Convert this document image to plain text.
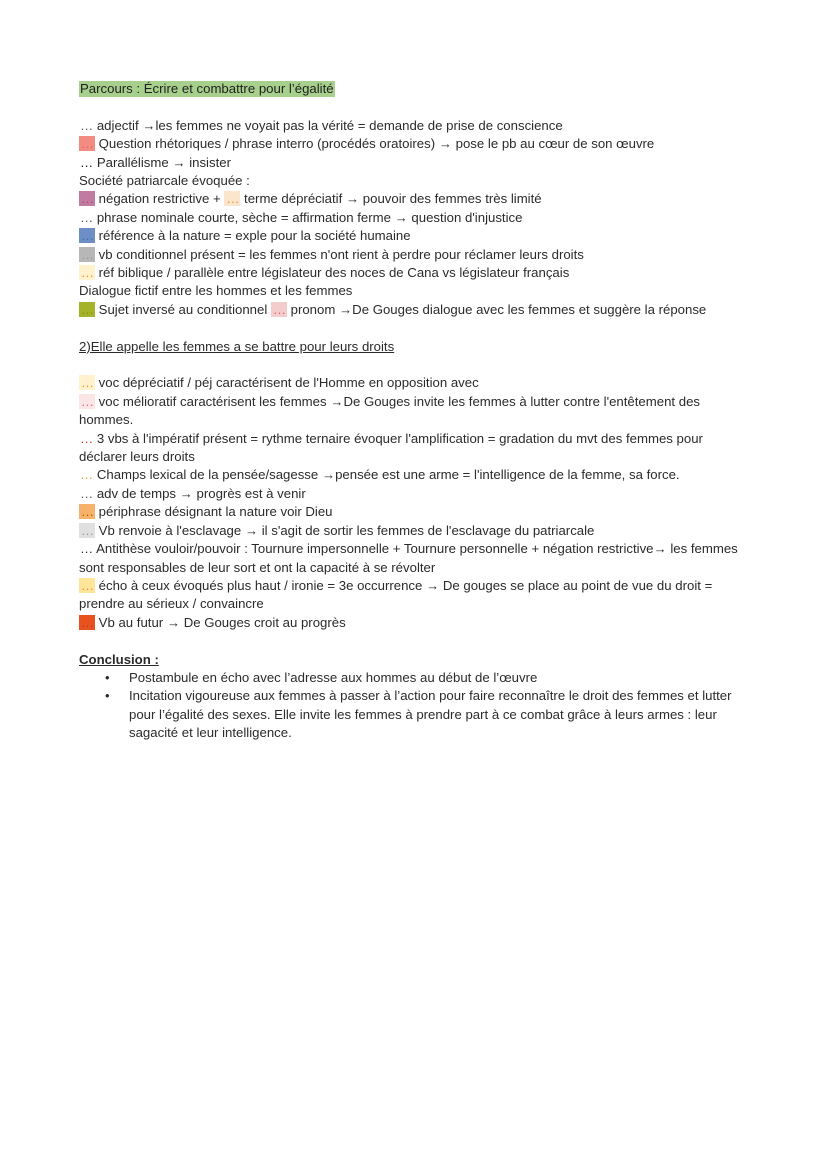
Parcours : Écrire et combattre pour l’égalité
… adjectif →les femmes ne voyait pas la vérité = demande de prise de conscience
… Question rhétoriques / phrase interro (procédés oratoires) → pose le pb au cœur de son œuvre
… Parallélisme → insister
Société patriarcale évoquée :
… négation restrictive + … terme dépréciatif → pouvoir des femmes très limité
… phrase nominale courte, sèche = affirmation ferme → question d'injustice
… référence à la nature = exple pour la société humaine
… vb conditionnel présent = les femmes n'ont rient à perdre pour réclamer leurs droits
… réf biblique / parallèle entre législateur des noces de Cana vs législateur français
Dialogue fictif entre les hommes et les femmes
… Sujet inversé au conditionnel … pronom →De Gouges dialogue avec les femmes et suggère la réponse
2)Elle appelle les femmes a se battre pour leurs droits
… voc dépréciatif / péj caractérisent de l'Homme en opposition avec
… voc mélioratif caractérisent les femmes →De Gouges invite les femmes à lutter contre l'entêtement des hommes.
… 3 vbs à l'impératif présent = rythme ternaire évoquer l'amplification = gradation du mvt des femmes pour déclarer leurs droits
… Champs lexical de la pensée/sagesse →pensée est une arme = l'intelligence de la femme, sa force.
… adv de temps → progrès est à venir
… périphrase désignant la nature voir Dieu
… Vb renvoie à l'esclavage → il s'agit de sortir les femmes de l'esclavage du patriarcale
… Antithèse vouloir/pouvoir : Tournure impersonnelle + Tournure personnelle + négation restrictive→ les femmes sont responsables de leur sort et ont la capacité à se révolter
… écho à ceux évoqués plus haut / ironie = 3e occurrence → De gouges se place au point de vue du droit = prendre au sérieux / convaincre
… Vb au futur → De Gouges croit au progrès
Conclusion :
• Postambule en écho avec l’adresse aux hommes au début de l’œuvre
• Incitation vigoureuse aux femmes à passer à l’action pour faire reconnaître le droit des femmes et lutter pour l’égalité des sexes. Elle invite les femmes à prendre part à ce combat grâce à leurs armes : leur sagacité et leur intelligence.
